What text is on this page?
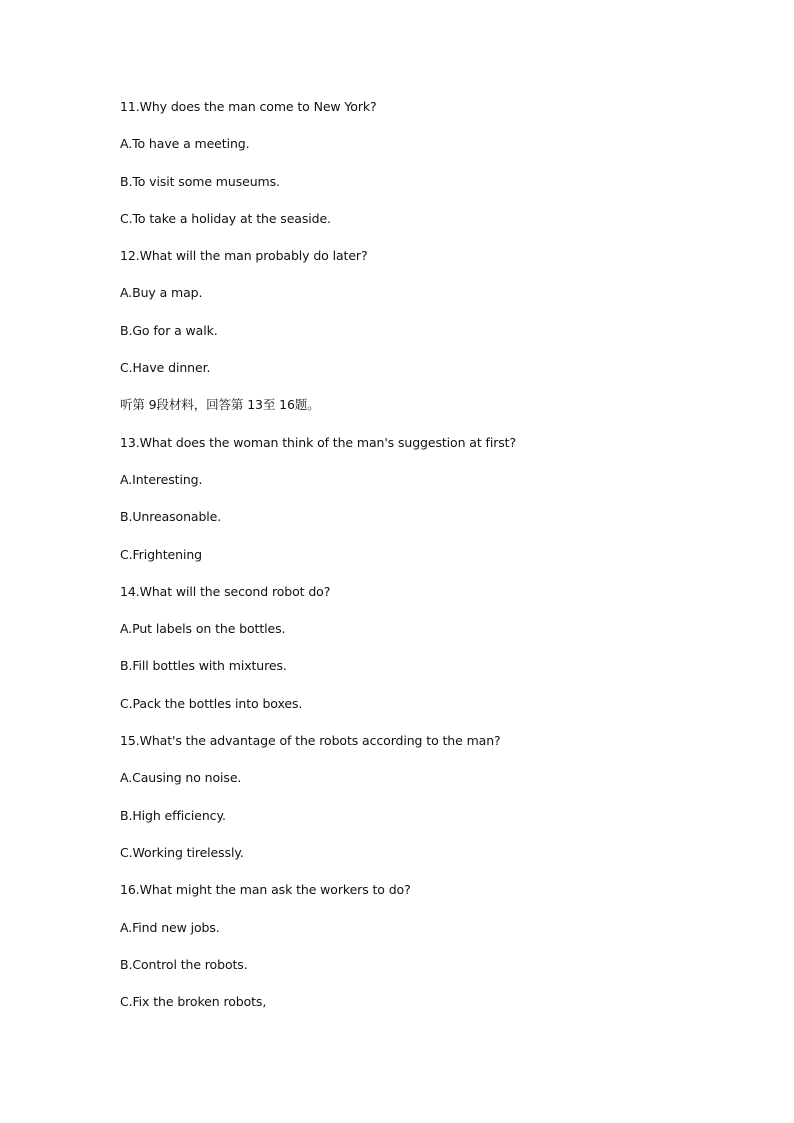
11.Why does the man come to New York?
A.To have a meeting.
B.To visit some museums.
C.To take a holiday at the seaside.
12.What will the man probably do later?
A.Buy a map.
B.Go for a walk.
C.Have dinner.
听第 9段材料，回答第 13至 16题。
13.What does the woman think of the man's suggestion at first?
A.Interesting.
B.Unreasonable.
C.Frightening
14.What will the second robot do?
A.Put labels on the bottles.
B.Fill bottles with mixtures.
C.Pack the bottles into boxes.
15.What's the advantage of the robots according to the man?
A.Causing no noise.
B.High efficiency.
C.Working tirelessly.
16.What might the man ask the workers to do?
A.Find new jobs.
B.Control the robots.
C.Fix the broken robots,
